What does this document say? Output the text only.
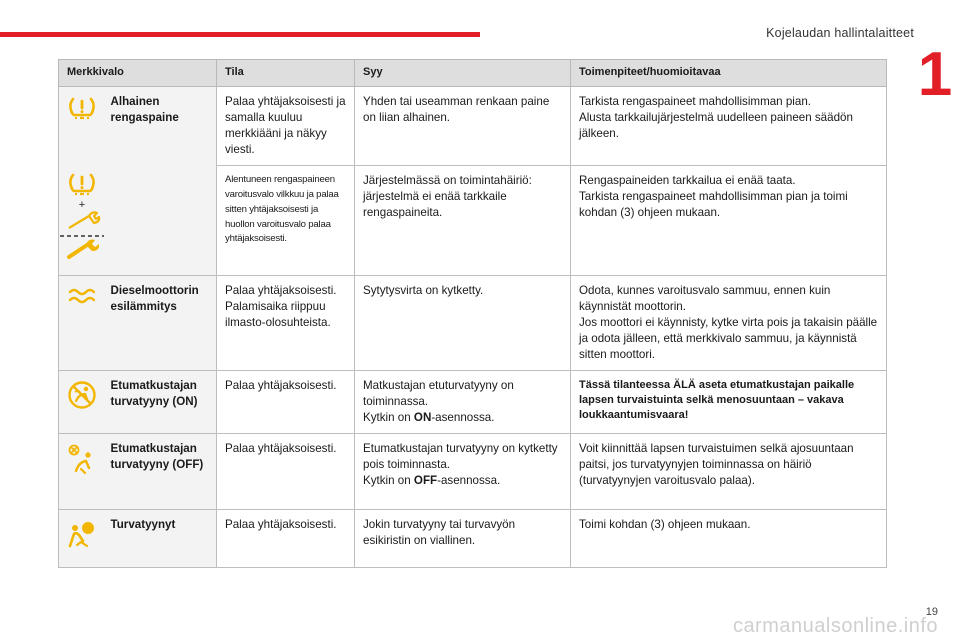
Kojelaudan hallintalaitteet
1
Merkkivalo		Tila	Syy	Toimenpiteet/huomioitavaa

	Alhainen rengaspaine	Palaa yhtäjaksoisesti ja samalla kuuluu merkkiääni ja näkyy viesti.	Yhden tai useamman renkaan paine on liian alhainen.	Tarkista rengaspaineet mahdollisimman pian.
Alusta tarkkailujärjestelmä uudelleen paineen säädön jälkeen.

+		Alentuneen rengaspaineen varoitusvalo vilkkuu ja palaa sitten yhtäjaksoisesti ja huollon varoitusvalo palaa yhtäjaksoisesti.	Järjestelmässä on toimintahäiriö: järjestelmä ei enää tarkkaile rengaspaineita.	Rengaspaineiden tarkkailua ei enää taata.
Tarkista rengaspaineet mahdollisimman pian ja toimi kohdan (3) ohjeen mukaan.

	Dieselmoottorin esilämmitys	Palaa yhtäjaksoisesti.
Palamisaika riippuu ilmasto-olosuhteista.	Sytytysvirta on kytketty.	Odota, kunnes varoitusvalo sammuu, ennen kuin käynnistät moottorin.
Jos moottori ei käynnisty, kytke virta pois ja takaisin päälle ja odota jälleen, että merkkivalo sammuu, ja käynnistä sitten moottori.

	Etumatkustajan turvatyyny (ON)	Palaa yhtäjaksoisesti.	Matkustajan etuturvatyyny on toiminnassa.
Kytkin on ON-asennossa.	Tässä tilanteessa ÄLÄ aseta etumatkustajan paikalle lapsen turvaistuinta selkä menosuuntaan – vakava loukkaantumisvaara!

	Etumatkustajan turvatyyny (OFF)	Palaa yhtäjaksoisesti.	Etumatkustajan turvatyyny on kytketty pois toiminnasta.
Kytkin on OFF-asennossa.	Voit kiinnittää lapsen turvaistuimen selkä ajosuuntaan paitsi, jos turvatyynyjen toiminnassa on häiriö (turvatyynyjen varoitusvalo palaa).

	Turvatyynyt	Palaa yhtäjaksoisesti.	Jokin turvatyyny tai turvavyön esikiristin on viallinen.	Toimi kohdan (3) ohjeen mukaan.
19
carmanualsonline.info
